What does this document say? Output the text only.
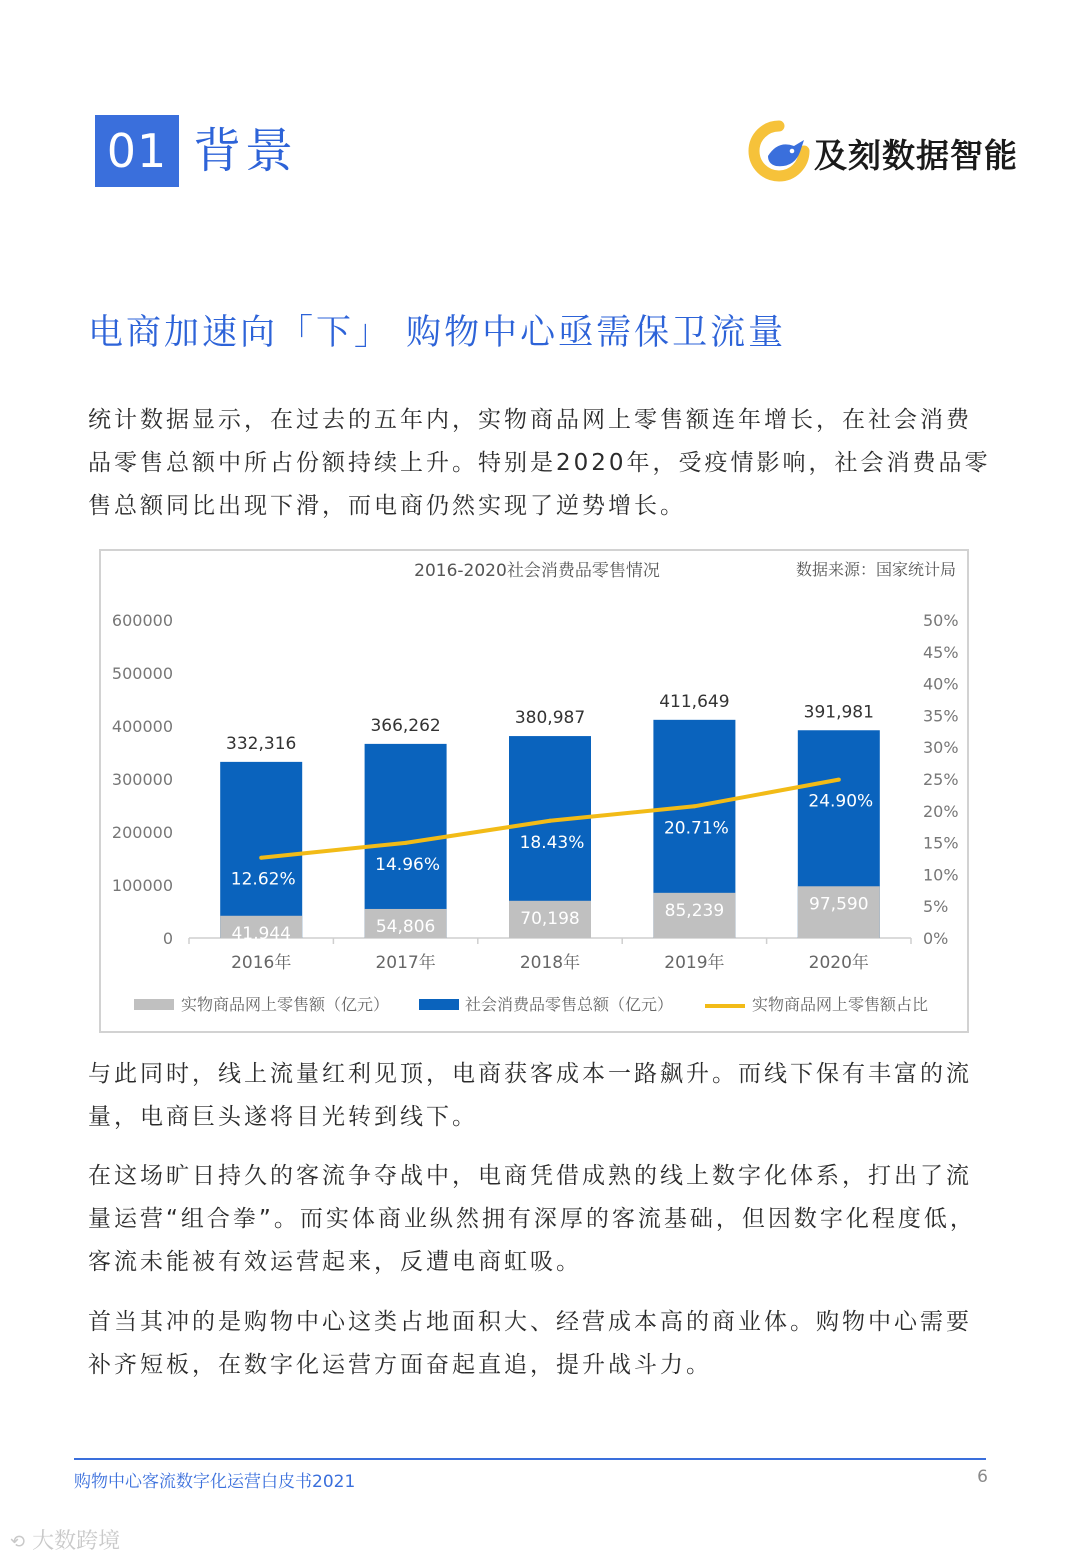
01 背景	及刻数据智能
电商加速向「下」 购物中心亟需保卫流量

统计数据显示，在过去的五年内，实物商品网上零售额连年增长，在社会消费品零售总额中所占份额持续上升。特别是2020年，受疫情影响，社会消费品零售总额同比出现下滑，而电商仍然实现了逆势增长。

2016-2020社会消费品零售情况	数据来源：国家统计局
0
100000
200000
300000
400000
500000
600000
0%
5%
10%
15%
20%
25%
30%
35%
40%
45%
50%
332,316
366,262	380,987
411,649
391,981
41,944	54,806	70,198	85,239	97,590
2016年	2017年	2018年	2019年	2020年
12.62%
14.96%
18.43%
20.71%
24.90%
实物商品网上零售额（亿元）	社会消费品零售总额（亿元）	实物商品网上零售额占比

与此同时，线上流量红利见顶，电商获客成本一路飙升。而线下保有丰富的流量，电商巨头遂将目光转到线下。

在这场旷日持久的客流争夺战中，电商凭借成熟的线上数字化体系，打出了流量运营“组合拳”。而实体商业纵然拥有深厚的客流基础，但因数字化程度低，客流未能被有效运营起来，反遭电商虹吸。

首当其冲的是购物中心这类占地面积大、经营成本高的商业体。购物中心需要补齐短板，在数字化运营方面奋起直追，提升战斗力。

购物中心客流数字化运营白皮书2021	6
⟲ 大数跨境
